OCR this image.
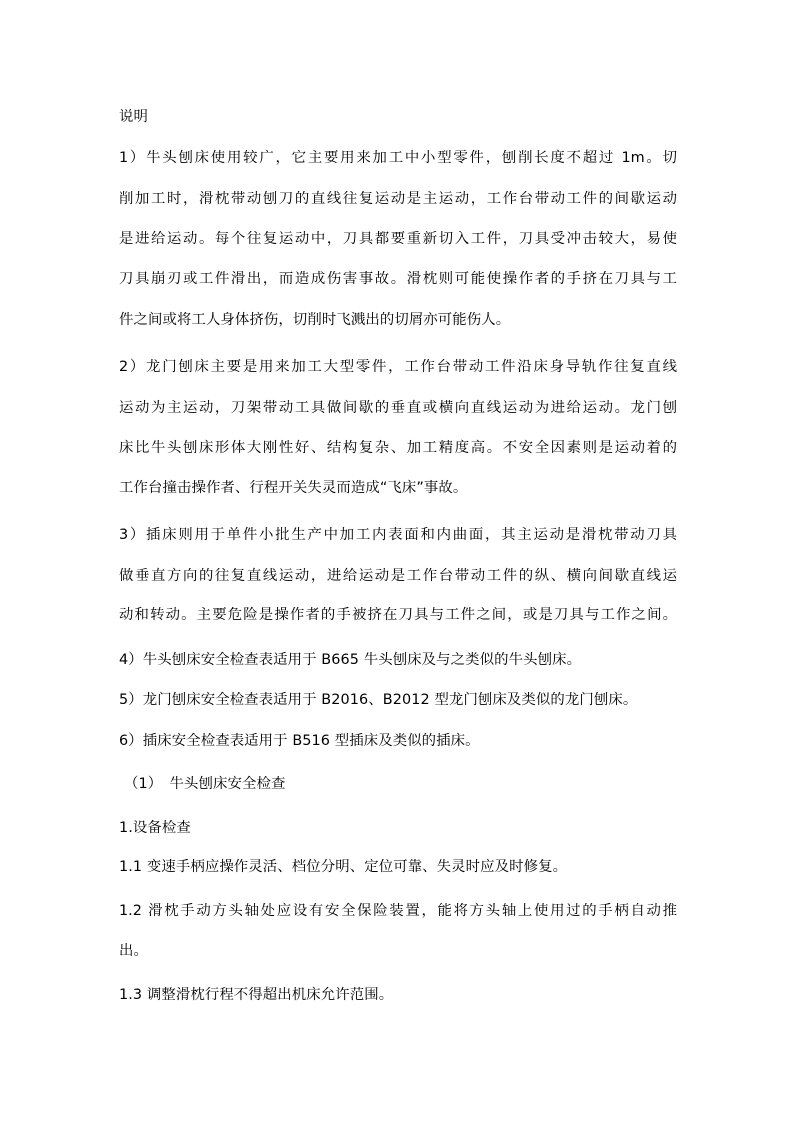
说明
1）牛头刨床使用较广，它主要用来加工中小型零件，刨削长度不超过 1m。切
削加工时，滑枕带动刨刀的直线往复运动是主运动，工作台带动工件的间歇运动
是进给运动。每个往复运动中，刀具都要重新切入工件，刀具受冲击较大，易使
刀具崩刃或工件滑出，而造成伤害事故。滑枕则可能使操作者的手挤在刀具与工
件之间或将工人身体挤伤，切削时飞溅出的切屑亦可能伤人。
2）龙门刨床主要是用来加工大型零件，工作台带动工件沿床身导轨作往复直线
运动为主运动，刀架带动工具做间歇的垂直或横向直线运动为进给运动。龙门刨
床比牛头刨床形体大刚性好、结构复杂、加工精度高。不安全因素则是运动着的
工作台撞击操作者、行程开关失灵而造成“飞床”事故。
3）插床则用于单件小批生产中加工内表面和内曲面，其主运动是滑枕带动刀具
做垂直方向的往复直线运动，进给运动是工作台带动工件的纵、横向间歇直线运
动和转动。主要危险是操作者的手被挤在刀具与工件之间，或是刀具与工作之间。
4）牛头刨床安全检查表适用于 B665 牛头刨床及与之类似的牛头刨床。
5）龙门刨床安全检查表适用于 B2016、B2012 型龙门刨床及类似的龙门刨床。
6）插床安全检查表适用于 B516 型插床及类似的插床。
（1）　牛头刨床安全检查
1.设备检查
1.1 变速手柄应操作灵活、档位分明、定位可靠、失灵时应及时修复。
1.2 滑枕手动方头轴处应设有安全保险装置，能将方头轴上使用过的手柄自动推
出。
1.3 调整滑枕行程不得超出机床允许范围。
